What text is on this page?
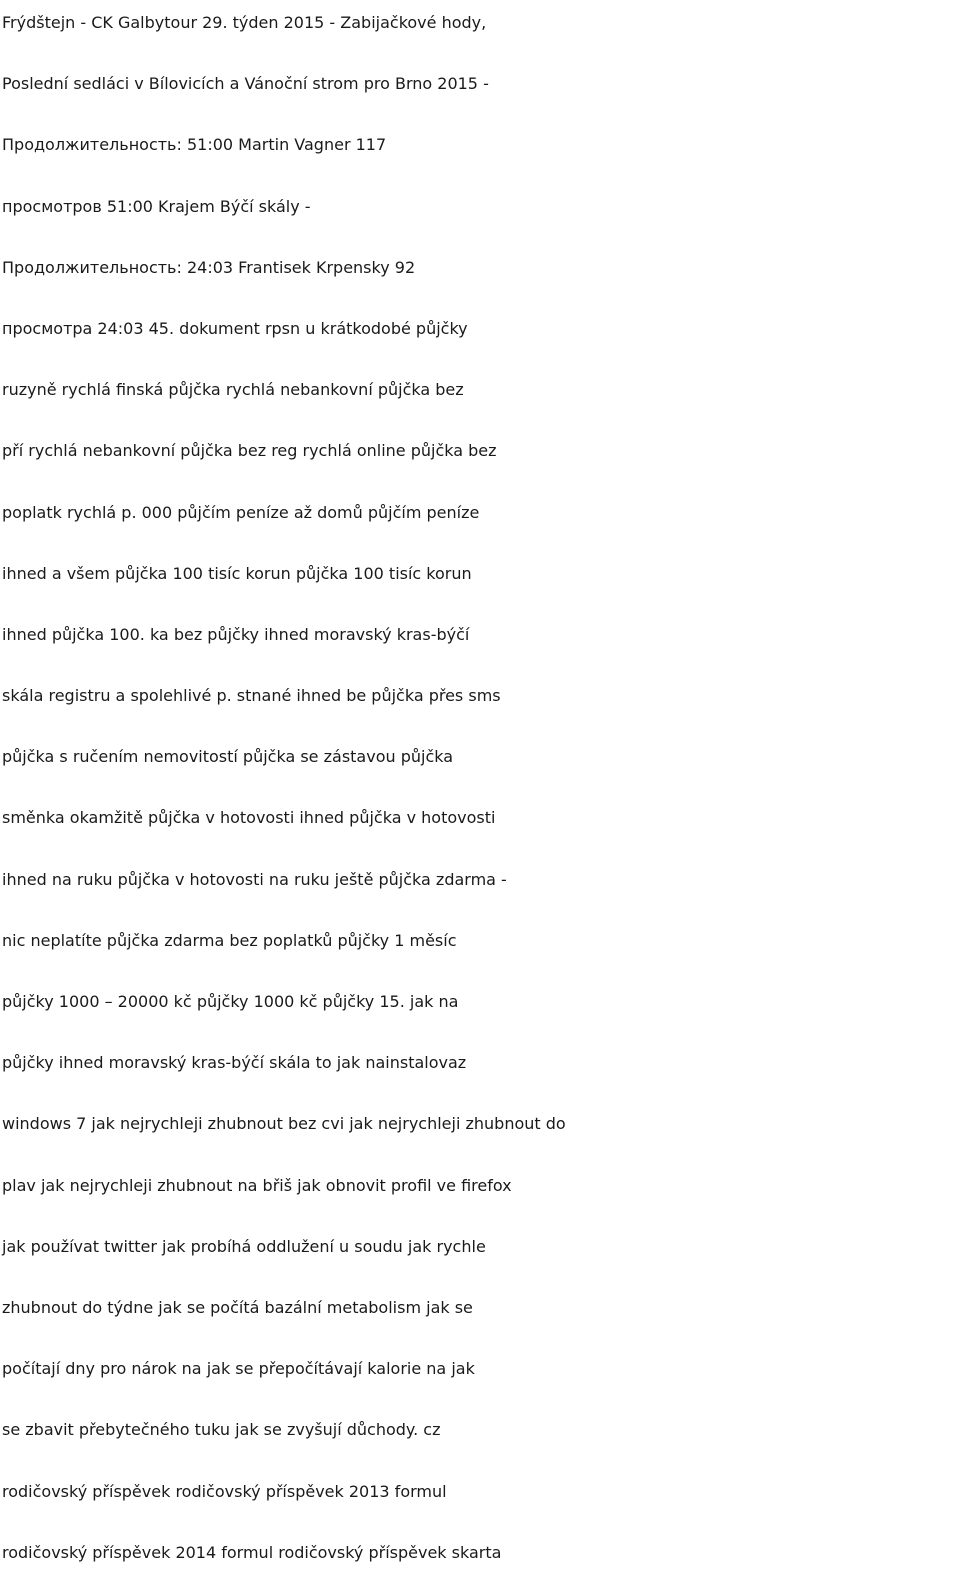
Frýdštejn - CK Galbytour 29. týden 2015 - Zabijačkové hody,
Poslední sedláci v Bílovicích a Vánoční strom pro Brno 2015 -
Продолжительность: 51:00 Martin Vagner 117
просмотров 51:00 Krajem Býčí skály -
Продолжительность: 24:03 Frantisek Krpensky 92
просмотра 24:03 45. dokument rpsn u krátkodobé půjčky
ruzyně rychlá finská půjčka rychlá nebankovní půjčka bez
pří rychlá nebankovní půjčka bez reg rychlá online půjčka bez
poplatk rychlá p. 000 půjčím peníze až domů půjčím peníze
ihned a všem půjčka 100 tisíc korun půjčka 100 tisíc korun
ihned půjčka 100. ka bez půjčky ihned moravský kras-býčí
skála registru a spolehlivé p. stnané ihned be půjčka přes sms
půjčka s ručením nemovitostí půjčka se zástavou půjčka
směnka okamžitě půjčka v hotovosti ihned půjčka v hotovosti
ihned na ruku půjčka v hotovosti na ruku ještě půjčka zdarma -
nic neplatíte půjčka zdarma bez poplatků půjčky 1 měsíc
půjčky 1000 – 20000 kč půjčky 1000 kč půjčky 15. jak na
půjčky ihned moravský kras-býčí skála to jak nainstalovaz
windows 7 jak nejrychleji zhubnout bez cvi jak nejrychleji zhubnout do
plav jak nejrychleji zhubnout na břiš jak obnovit profil ve firefox
jak používat twitter jak probíhá oddlužení u soudu jak rychle
zhubnout do týdne jak se počítá bazální metabolism jak se
počítají dny pro nárok na jak se přepočítávají kalorie na jak
se zbavit přebytečného tuku jak se zvyšují důchody. cz
rodičovský příspěvek rodičovský příspěvek 2013 formul
rodičovský příspěvek 2014 formul rodičovský příspěvek skarta
